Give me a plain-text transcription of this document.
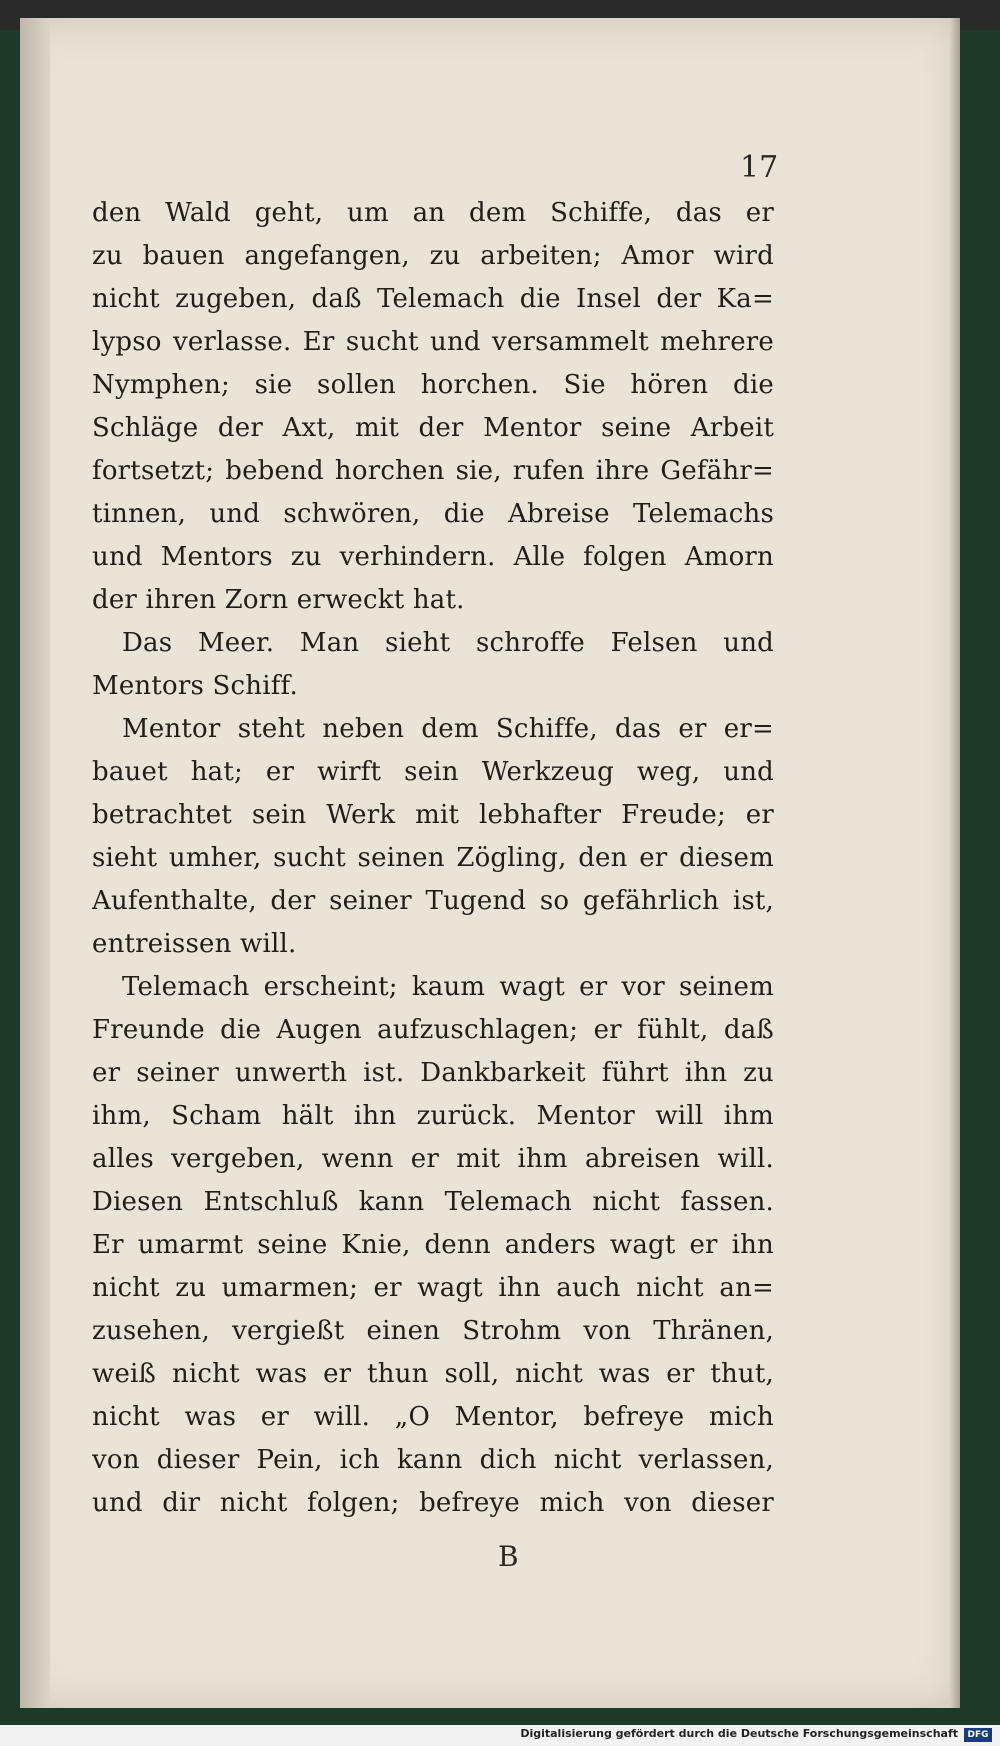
17
den Wald geht, um an dem Schiffe, das er
zu bauen angefangen, zu arbeiten; Amor wird
nicht zugeben, daß Telemach die Insel der Ka=
lypso verlasse. Er sucht und versammelt mehrere
Nymphen; sie sollen horchen. Sie hören die
Schläge der Axt, mit der Mentor seine Arbeit
fortsetzt; bebend horchen sie, rufen ihre Gefähr=
tinnen, und schwören, die Abreise Telemachs
und Mentors zu verhindern. Alle folgen Amorn
der ihren Zorn erweckt hat.
Das Meer. Man sieht schroffe Felsen und
Mentors Schiff.
Mentor steht neben dem Schiffe, das er er=
bauet hat; er wirft sein Werkzeug weg, und
betrachtet sein Werk mit lebhafter Freude; er
sieht umher, sucht seinen Zögling, den er diesem
Aufenthalte, der seiner Tugend so gefährlich ist,
entreissen will.
Telemach erscheint; kaum wagt er vor seinem
Freunde die Augen aufzuschlagen; er fühlt, daß
er seiner unwerth ist. Dankbarkeit führt ihn zu
ihm, Scham hält ihn zurück. Mentor will ihm
alles vergeben, wenn er mit ihm abreisen will.
Diesen Entschluß kann Telemach nicht fassen.
Er umarmt seine Knie, denn anders wagt er ihn
nicht zu umarmen; er wagt ihn auch nicht an=
zusehen, vergießt einen Strohm von Thränen,
weiß nicht was er thun soll, nicht was er thut,
nicht was er will. „O Mentor, befreye mich
von dieser Pein, ich kann dich nicht verlassen,
und dir nicht folgen; befreye mich von dieser
B
Digitalisierung gefördert durch die Deutsche Forschungsgemeinschaft	DFG
